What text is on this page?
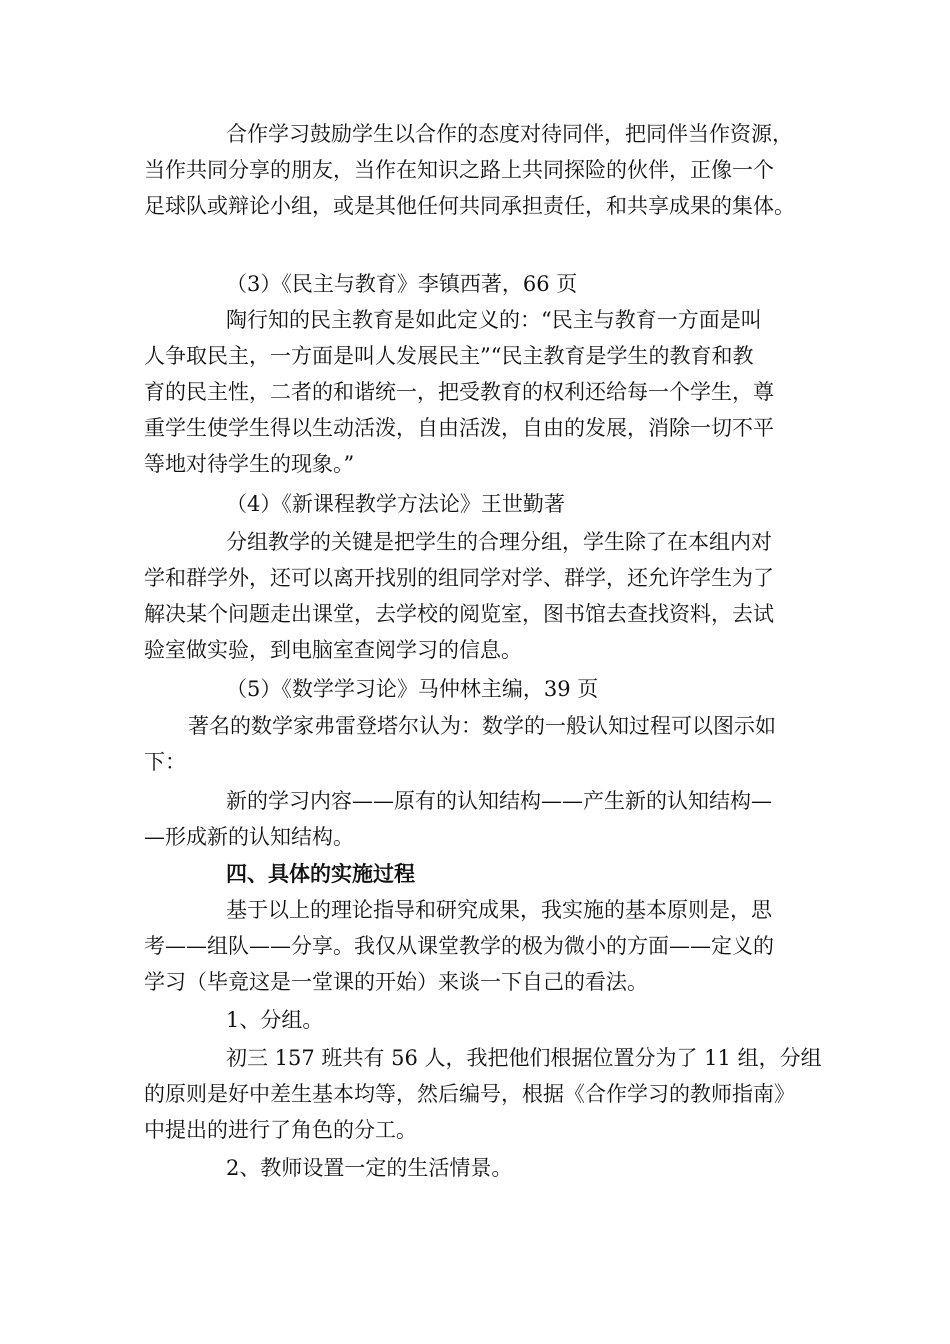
合作学习鼓励学生以合作的态度对待同伴，把同伴当作资源，
当作共同分享的朋友，当作在知识之路上共同探险的伙伴，正像一个
足球队或辩论小组，或是其他任何共同承担责任，和共享成果的集体。
（3）《民主与教育》李镇西著，66 页
陶行知的民主教育是如此定义的：“民主与教育一方面是叫
人争取民主，一方面是叫人发展民主”“民主教育是学生的教育和教
育的民主性，二者的和谐统一，把受教育的权利还给每一个学生，尊
重学生使学生得以生动活泼，自由活泼，自由的发展，消除一切不平
等地对待学生的现象。”
（4）《新课程教学方法论》王世勤著
分组教学的关键是把学生的合理分组，学生除了在本组内对
学和群学外，还可以离开找别的组同学对学、群学，还允许学生为了
解决某个问题走出课堂，去学校的阅览室，图书馆去查找资料，去试
验室做实验，到电脑室查阅学习的信息。
（5）《数学学习论》马仲林主编，39 页
著名的数学家弗雷登塔尔认为：数学的一般认知过程可以图示如
下：
新的学习内容——原有的认知结构——产生新的认知结构—
—形成新的认知结构。
四、具体的实施过程
基于以上的理论指导和研究成果，我实施的基本原则是，思
考——组队——分享。我仅从课堂教学的极为微小的方面——定义的
学习（毕竟这是一堂课的开始）来谈一下自己的看法。
1、分组。
初三 157 班共有 56 人，我把他们根据位置分为了 11 组，分组
的原则是好中差生基本均等，然后编号，根据《合作学习的教师指南》
中提出的进行了角色的分工。
2、教师设置一定的生活情景。
